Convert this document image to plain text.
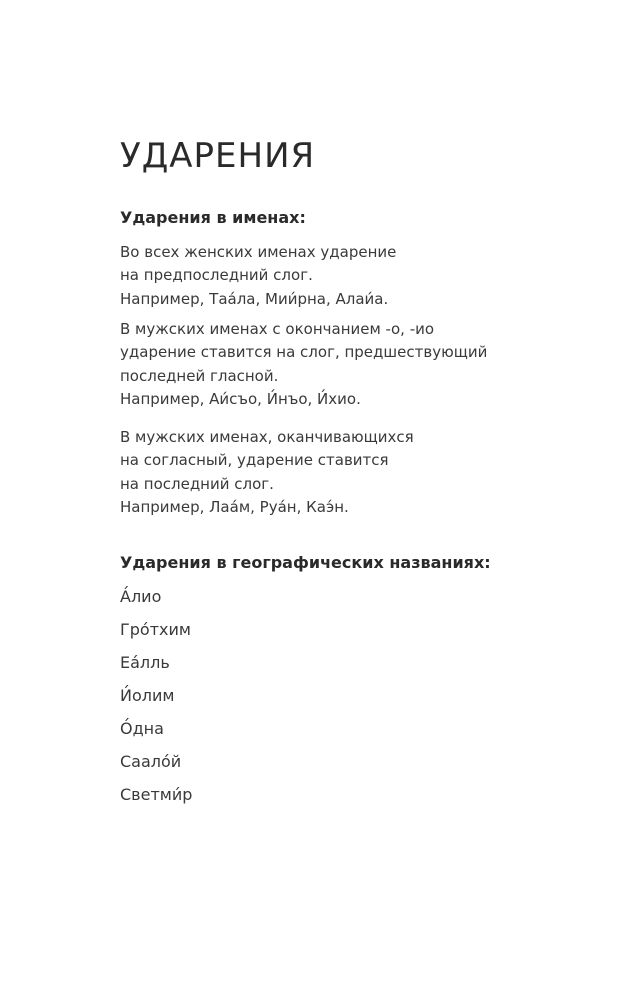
УДАРЕНИЯ
Ударения в именах:

Во всех женских именах ударение
на предпоследний слог.
Например, Таа́ла, Мии́рна, Алаи́а.

В мужских именах с окончанием -о, -ио
ударение ставится на слог, предшествующий
последней гласной.
Например, Аи́съо, И́нъо, И́хио.

В мужских именах, оканчивающихся
на согласный, ударение ставится
на последний слог.
Например, Лаа́м, Руа́н, Каэ́н.

Ударения в географических названиях:
А́лио
Гро́тхим
Еа́лль
И́олим
О́дна
Саало́й
Светми́р
